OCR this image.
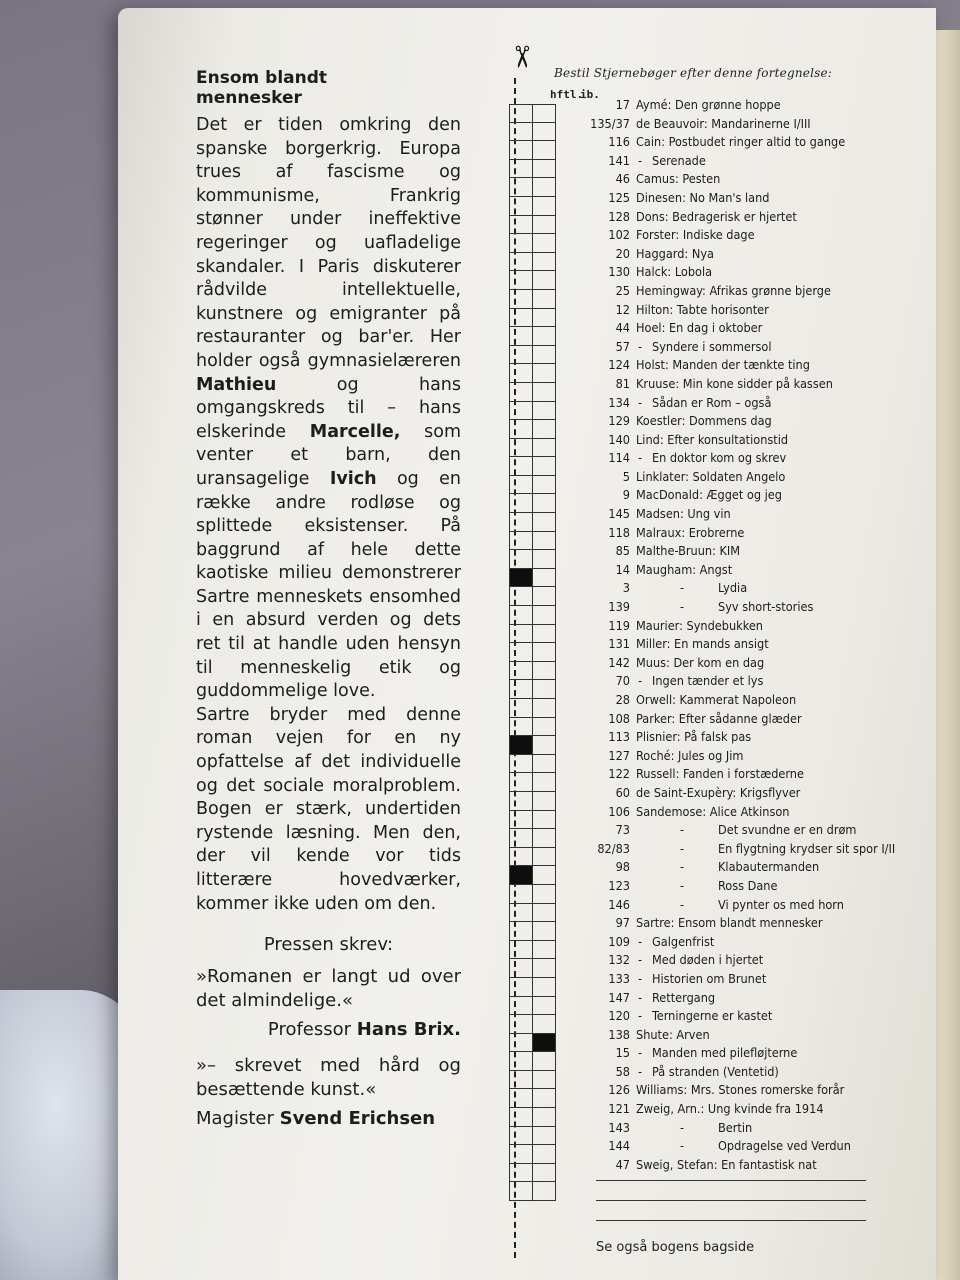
Ensom blandt mennesker

Det er tiden omkring den spanske borgerkrig. Europa trues af fascisme og kommunisme, Frankrig stønner under ineffektive regeringer og uafladelige skandaler. I Paris diskuterer rådvilde intellektuelle, kunstnere og emigranter på restauranter og bar'er. Her holder også gymnasielæreren Mathieu og hans omgangskreds til – hans elskerinde Marcelle, som venter et barn, den uransagelige Ivich og en række andre rodløse og splittede eksistenser. På baggrund af hele dette kaotiske milieu demonstrerer Sartre menneskets ensomhed i en absurd verden og dets ret til at handle uden hensyn til menneskelig etik og guddommelige love.

Sartre bryder med denne roman vejen for en ny opfattelse af det individuelle og det sociale moralproblem. Bogen er stærk, undertiden rystende læsning. Men den, der vil kende vor tids litterære hovedværker, kommer ikke uden om den.

Pressen skrev:

»Romanen er langt ud over det almindelige.«

Professor Hans Brix.

»– skrevet med hård og besættende kunst.«

Magister Svend Erichsen
✂
Bestil Stjernebøger efter denne fortegnelse:
hftl.
ib.
17 Aymé: Den grønne hoppe
135/37 de Beauvoir: Mandarinerne I/III
116 Cain: Postbudet ringer altid to gange
141 - Serenade
46 Camus: Pesten
125 Dinesen: No Man's land
128 Dons: Bedragerisk er hjertet
102 Forster: Indiske dage
20 Haggard: Nya
130 Halck: Lobola
25 Hemingway: Afrikas grønne bjerge
12 Hilton: Tabte horisonter
44 Hoel: En dag i oktober
57 - Syndere i sommersol
124 Holst: Manden der tænkte ting
81 Kruuse: Min kone sidder på kassen
134 - Sådan er Rom – også
129 Koestler: Dommens dag
140 Lind: Efter konsultationstid
114 - En doktor kom og skrev
5 Linklater: Soldaten Angelo
9 MacDonald: Ægget og jeg
145 Madsen: Ung vin
118 Malraux: Erobrerne
85 Malthe-Bruun: KIM
14 Maugham: Angst
3	-	Lydia
139	-	Syv short-stories
119 Maurier: Syndebukken
131 Miller: En mands ansigt
142 Muus: Der kom en dag
70 - Ingen tænder et lys
28 Orwell: Kammerat Napoleon
108 Parker: Efter sådanne glæder
113 Plisnier: På falsk pas
127 Roché: Jules og Jim
122 Russell: Fanden i forstæderne
60 de Saint-Exupèry: Krigsflyver
106 Sandemose: Alice Atkinson
73	-	Det svundne er en drøm
82/83	-	En flygtning krydser sit spor I/II
98	-	Klabautermanden
123	-	Ross Dane
146	-	Vi pynter os med horn
97 Sartre: Ensom blandt mennesker
109 - Galgenfrist
132 - Med døden i hjertet
133 - Historien om Brunet
147 - Rettergang
120 - Terningerne er kastet
138 Shute: Arven
15 - Manden med pilefløjterne
58 - På stranden (Ventetid)
126 Williams: Mrs. Stones romerske forår
121 Zweig, Arn.: Ung kvinde fra 1914
143	-	Bertin
144	-	Opdragelse ved Verdun
47 Sweig, Stefan: En fantastisk nat
Se også bogens bagside
